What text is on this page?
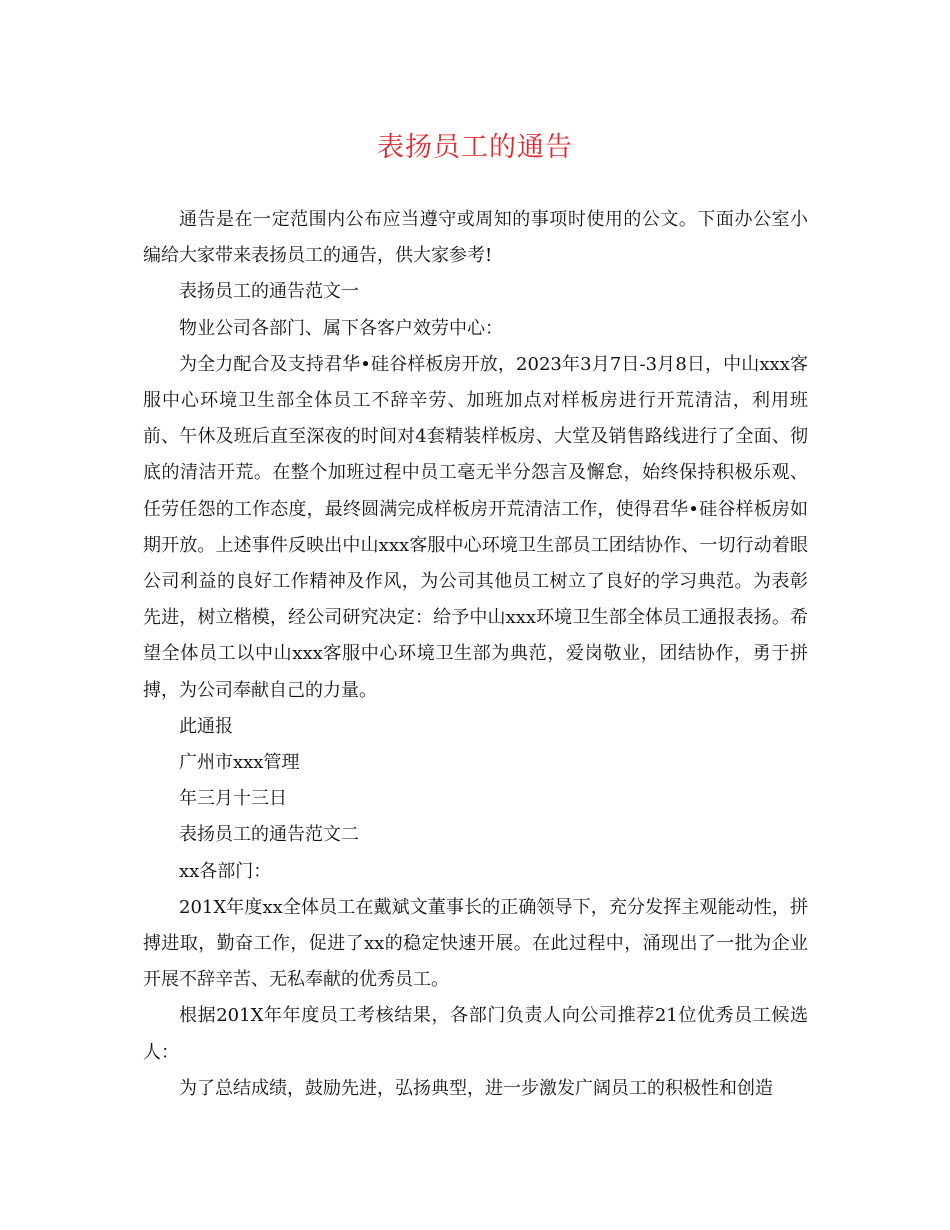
表扬员工的通告

通告是在一定范围内公布应当遵守或周知的事项时使用的公文。下面办公室小编给大家带来表扬员工的通告，供大家参考!

表扬员工的通告范文一

物业公司各部门、属下各客户效劳中心：

为全力配合及支持君华•硅谷样板房开放，2023年3月7日-3月8日，中山xxx客服中心环境卫生部全体员工不辞辛劳、加班加点对样板房进行开荒清洁，利用班前、午休及班后直至深夜的时间对4套精装样板房、大堂及销售路线进行了全面、彻底的清洁开荒。在整个加班过程中员工毫无半分怨言及懈怠，始终保持积极乐观、任劳任怨的工作态度，最终圆满完成样板房开荒清洁工作，使得君华•硅谷样板房如期开放。上述事件反映出中山xxx客服中心环境卫生部员工团结协作、一切行动着眼公司利益的良好工作精神及作风，为公司其他员工树立了良好的学习典范。为表彰先进，树立楷模，经公司研究决定：给予中山xxx环境卫生部全体员工通报表扬。希望全体员工以中山xxx客服中心环境卫生部为典范，爱岗敬业，团结协作，勇于拼搏，为公司奉献自己的力量。

此通报

广州市xxx管理

年三月十三日

表扬员工的通告范文二

xx各部门：

201X年度xx全体员工在戴斌文董事长的正确领导下，充分发挥主观能动性，拼搏进取，勤奋工作，促进了xx的稳定快速开展。在此过程中，涌现出了一批为企业开展不辞辛苦、无私奉献的优秀员工。

根据201X年年度员工考核结果，各部门负责人向公司推荐21位优秀员工候选人：

为了总结成绩，鼓励先进，弘扬典型，进一步激发广阔员工的积极性和创造
